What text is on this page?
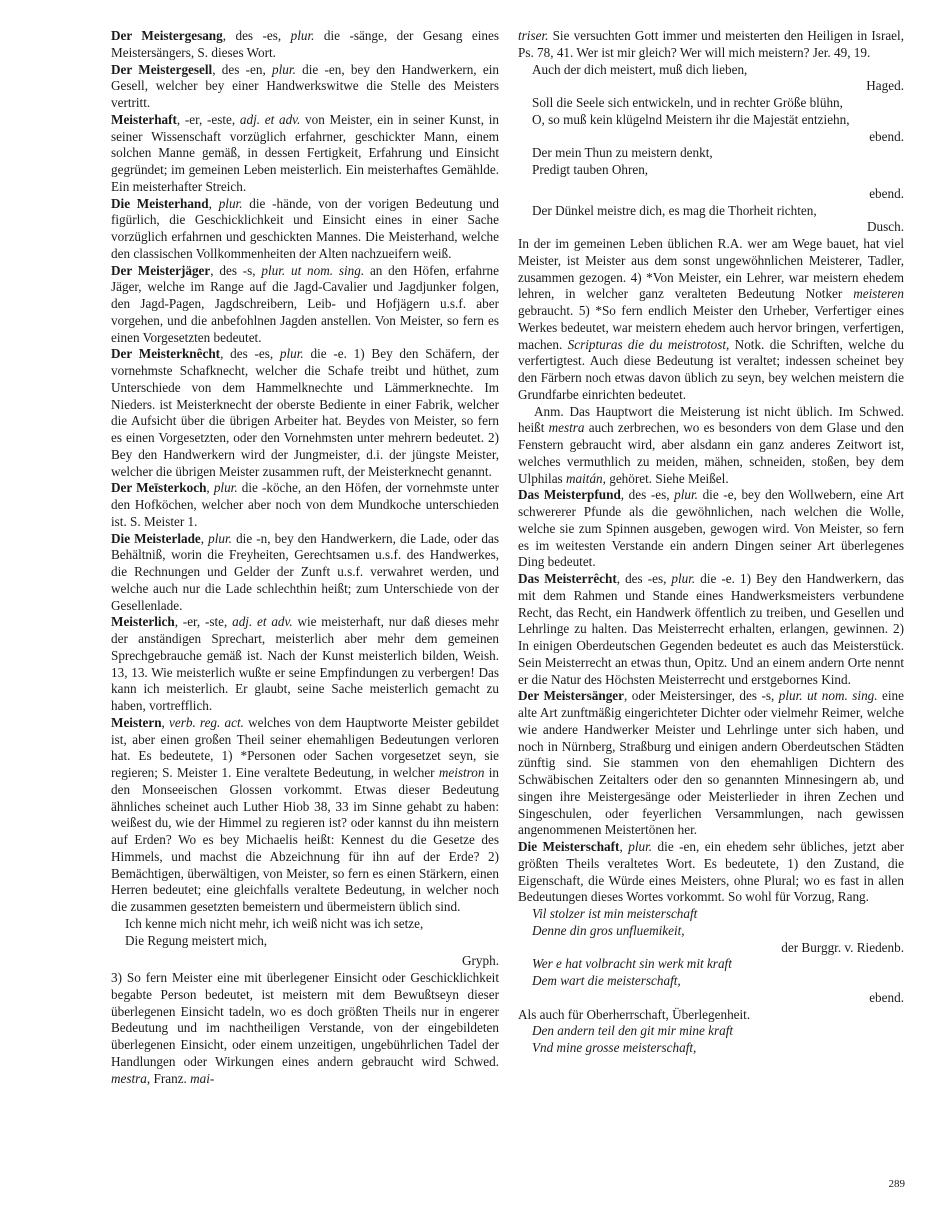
Der Meistergesang, des -es, plur. die -sänge, der Gesang eines Meistersängers, S. dieses Wort.

Der Meistergesell, des -en, plur. die -en, bey den Handwerkern, ein Gesell, welcher bey einer Handwerkswitwe die Stelle des Meisters vertritt.

Meisterhaft, -er, -este, adj. et adv. von Meister, ein in seiner Kunst, in seiner Wissenschaft vorzüglich erfahrner, geschickter Mann, einem solchen Manne gemäß, in dessen Fertigkeit, Erfahrung und Einsicht gegründet; im gemeinen Leben meisterlich. Ein meisterhaftes Gemählde. Ein meisterhafter Streich.

Die Meisterhand, plur. die -hände, von der vorigen Bedeutung und figürlich, die Geschicklichkeit und Einsicht eines in einer Sache vorzüglich erfahrnen und geschickten Mannes. Die Meisterhand, welche den classischen Vollkommenheiten der Alten nachzueifern weiß.

Der Meisterjäger, des -s, plur. ut nom. sing. an den Höfen, erfahrne Jäger, welche im Range auf die Jagd-Cavalier und Jagdjunker folgen, den Jagd-Pagen, Jagdschreibern, Leib- und Hofjägern u.s.f. aber vorgehen, und die anbefohlnen Jagden anstellen. Von Meister, so fern es einen Vorgesetzten bedeutet.

Der Meisterknêcht, des -es, plur. die -e. 1) Bey den Schäfern, der vornehmste Schafknecht, welcher die Schafe treibt und hüthet, zum Unterschiede von dem Hammelknechte und Lämmerknechte. Im Nieders. ist Meisterknecht der oberste Bediente in einer Fabrik, welcher die Aufsicht über die übrigen Arbeiter hat. Beydes von Meister, so fern es einen Vorgesetzten, oder den Vornehmsten unter mehrern bedeutet. 2) Bey den Handwerkern wird der Jungmeister, d.i. der jüngste Meister, welcher die übrigen Meister zusammen ruft, der Meisterknecht genannt.

Der Meīsterkoch, plur. die -köche, an den Höfen, der vornehmste unter den Hofköchen, welcher aber noch von dem Mundkoche unterschieden ist. S. Meister 1.

Die Meisterlade, plur. die -n, bey den Handwerkern, die Lade, oder das Behältniß, worin die Freyheiten, Gerechtsamen u.s.f. des Handwerkes, die Rechnungen und Gelder der Zunft u.s.f. verwahret werden, und welche auch nur die Lade schlechthin heißt; zum Unterschiede von der Gesellenlade.

Meisterlich, -er, -ste, adj. et adv. wie meisterhaft, nur daß dieses mehr der anständigen Sprechart, meisterlich aber mehr dem gemeinen Sprechgebrauche gemäß ist. Nach der Kunst meisterlich bilden, Weish. 13, 13. Wie meisterlich wußte er seine Empfindungen zu verbergen! Das kann ich meisterlich. Er glaubt, seine Sache meisterlich gemacht zu haben, vortrefflich.

Meistern, verb. reg. act. welches von dem Hauptworte Meister gebildet ist, aber einen großen Theil seiner ehemahligen Bedeutungen verloren hat. Es bedeutete, 1) *Personen oder Sachen vorgesetzet seyn, sie regieren; S. Meister 1. Eine veraltete Bedeutung, in welcher meistron in den Monseeischen Glossen vorkommt. Etwas dieser Bedeutung ähnliches scheinet auch Luther Hiob 38, 33 im Sinne gehabt zu haben: weißest du, wie der Himmel zu regieren ist? oder kannst du ihn meistern auf Erden? Wo es bey Michaelis heißt: Kennest du die Gesetze des Himmels, und machst die Abzeichnung für ihn auf der Erde? 2) Bemächtigen, überwältigen, von Meister, so fern es einen Stärkern, einen Herren bedeutet; eine gleichfalls veraltete Bedeutung, in welcher noch die zusammen gesetzten bemeistern und übermeistern üblich sind.

Ich kenne mich nicht mehr, ich weiß nicht was ich setze,

Die Regung meistert mich,

Gryph.

3) So fern Meister eine mit überlegener Einsicht oder Geschicklichkeit begabte Person bedeutet, ist meistern mit dem Bewußtseyn dieser überlegenen Einsicht tadeln, wo es doch größten Theils nur in engerer Bedeutung und im nachtheiligen Verstande, von der eingebildeten überlegenen Einsicht, oder einem unzeitigen, ungebührlichen Tadel der Handlungen oder Wirkungen eines andern gebraucht wird Schwed. mestra, Franz. mai-

triser. Sie versuchten Gott immer und meisterten den Heiligen in Israel, Ps. 78, 41. Wer ist mir gleich? Wer will mich meistern? Jer. 49, 19.

Auch der dich meistert, muß dich lieben,

Haged.

Soll die Seele sich entwickeln, und in rechter Größe blühn,

O, so muß kein klügelnd Meistern ihr die Majestät entziehn,

ebend.

Der mein Thun zu meistern denkt,

Predigt tauben Ohren,

ebend.

Der Dünkel meistre dich, es mag die Thorheit richten,

Dusch.

In der im gemeinen Leben üblichen R.A. wer am Wege bauet, hat viel Meister, ist Meister aus dem sonst ungewöhnlichen Meisterer, Tadler, zusammen gezogen. 4) *Von Meister, ein Lehrer, war meistern ehedem lehren, in welcher ganz veralteten Bedeutung Notker meisteren gebraucht. 5) *So fern endlich Meister den Urheber, Verfertiger eines Werkes bedeutet, war meistern ehedem auch hervor bringen, verfertigen, machen. Scripturas die du meistrotost, Notk. die Schriften, welche du verfertigtest. Auch diese Bedeutung ist veraltet; indessen scheinet bey den Färbern noch etwas davon üblich zu seyn, bey welchen meistern die Grundfarbe einrichten bedeutet.

Anm. Das Hauptwort die Meisterung ist nicht üblich. Im Schwed. heißt mestra auch zerbrechen, wo es besonders von dem Glase und den Fenstern gebraucht wird, aber alsdann ein ganz anderes Zeitwort ist, welches vermuthlich zu meiden, mähen, schneiden, stoßen, bey dem Ulphilas maitán, gehöret. Siehe Meißel.

Das Meisterpfund, des -es, plur. die -e, bey den Wollwebern, eine Art schwererer Pfunde als die gewöhnlichen, nach welchen die Wolle, welche sie zum Spinnen ausgeben, gewogen wird. Von Meister, so fern es im weitesten Verstande ein andern Dingen seiner Art überlegenes Ding bedeutet.

Das Meisterrêcht, des -es, plur. die -e. 1) Bey den Handwerkern, das mit dem Rahmen und Stande eines Handwerksmeisters verbundene Recht, das Recht, ein Handwerk öffentlich zu treiben, und Gesellen und Lehrlinge zu halten. Das Meisterrecht erhalten, erlangen, gewinnen. 2) In einigen Oberdeutschen Gegenden bedeutet es auch das Meisterstück. Sein Meisterrecht an etwas thun, Opitz. Und an einem andern Orte nennt er die Natur des Höchsten Meisterrecht und erstgebornes Kind.

Der Meistersänger, oder Meistersinger, des -s, plur. ut nom. sing. eine alte Art zunftmäßig eingerichteter Dichter oder vielmehr Reimer, welche wie andere Handwerker Meister und Lehrlinge unter sich haben, und noch in Nürnberg, Straßburg und einigen andern Oberdeutschen Städten zünftig sind. Sie stammen von den ehemahligen Dichtern des Schwäbischen Zeitalters oder den so genannten Minnesingern ab, und singen ihre Meistergesänge oder Meisterlieder in ihren Zechen und Singeschulen, oder feyerlichen Versammlungen, nach gewissen angenommenen Meistertönen her.

Die Meisterschaft, plur. die -en, ein ehedem sehr übliches, jetzt aber größten Theils veraltetes Wort. Es bedeutete, 1) den Zustand, die Eigenschaft, die Würde eines Meisters, ohne Plural; wo es fast in allen Bedeutungen dieses Wortes vorkommt. So wohl für Vorzug, Rang.

Vil stolzer ist min meisterschaft

Denne din gros unfluemikeit,

der Burggr. v. Riedenb.

Wer e hat volbracht sin werk mit kraft

Dem wart die meisterschaft,

ebend.

Als auch für Oberherrschaft, Überlegenheit.

Den andern teil den git mir mine kraft

Vnd mine grosse meisterschaft,

289
